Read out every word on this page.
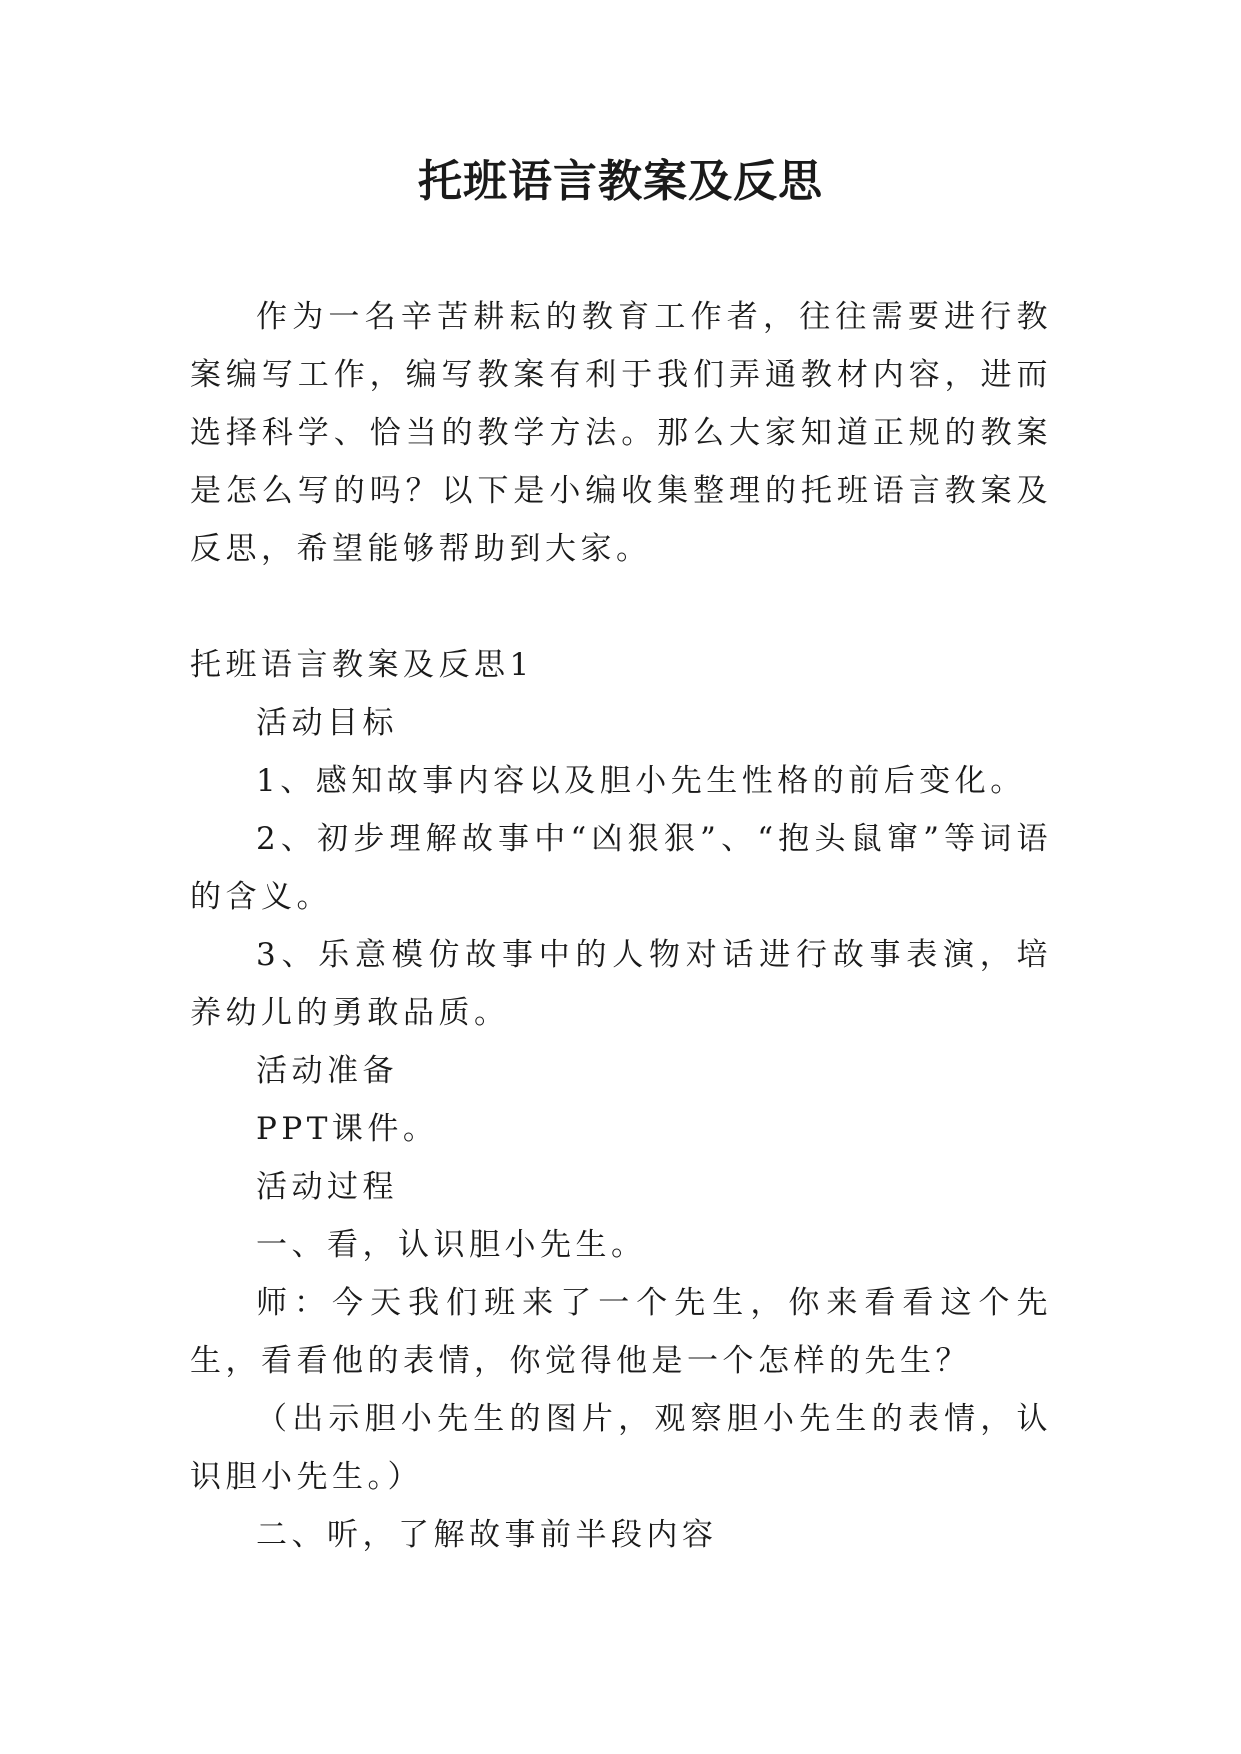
托班语言教案及反思

作为一名辛苦耕耘的教育工作者，往往需要进行教案编写工作，编写教案有利于我们弄通教材内容，进而选择科学、恰当的教学方法。那么大家知道正规的教案是怎么写的吗？以下是小编收集整理的托班语言教案及反思，希望能够帮助到大家。

托班语言教案及反思1

活动目标

1、感知故事内容以及胆小先生性格的前后变化。

2、初步理解故事中“凶狠狠”、“抱头鼠窜”等词语的含义。

3、乐意模仿故事中的人物对话进行故事表演，培养幼儿的勇敢品质。

活动准备

PPT课件。

活动过程

一、看，认识胆小先生。

师：今天我们班来了一个先生，你来看看这个先生，看看他的表情，你觉得他是一个怎样的先生？

（出示胆小先生的图片，观察胆小先生的表情，认识胆小先生。）

二、听，了解故事前半段内容
